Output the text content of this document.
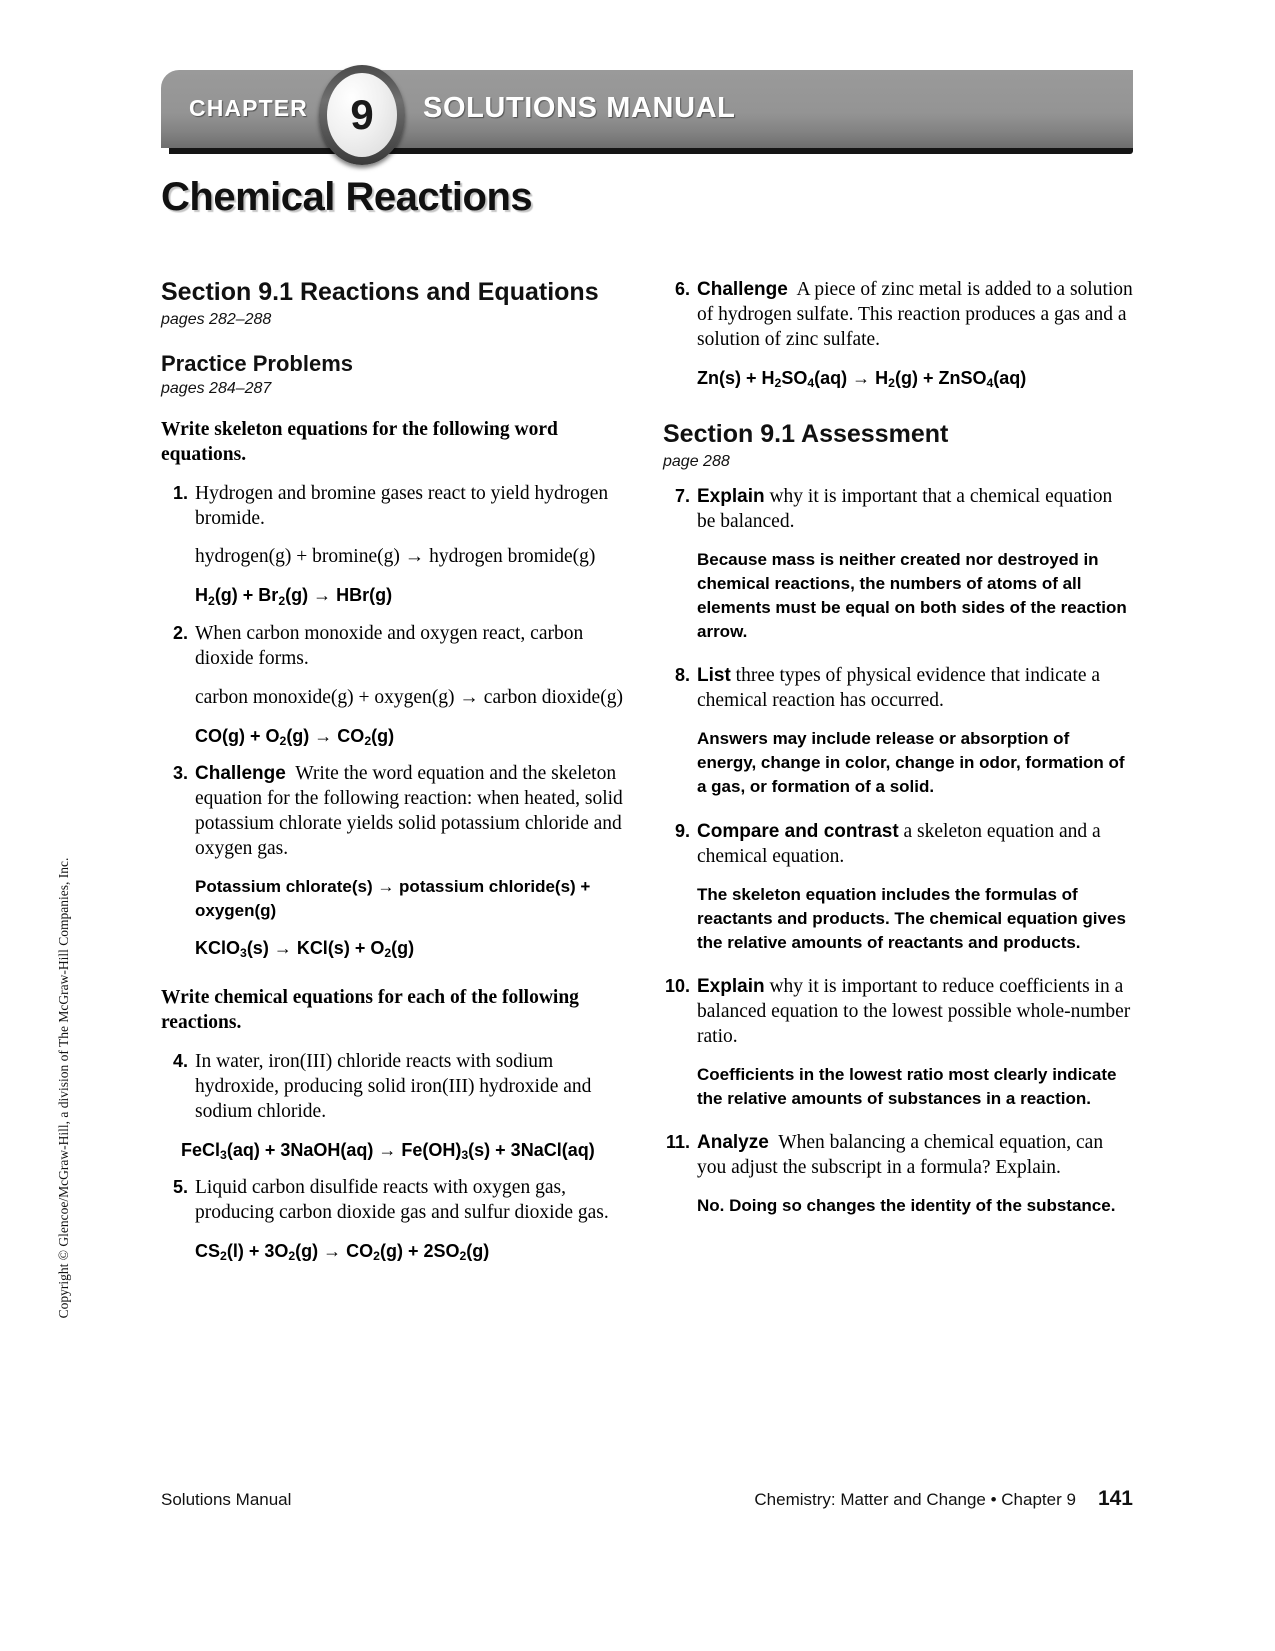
CHAPTER 9 SOLUTIONS MANUAL
Chemical Reactions
Copyright © Glencoe/McGraw-Hill, a division of The McGraw-Hill Companies, Inc.
Section 9.1 Reactions and Equations

pages 282–288

Practice Problems

pages 284–287

Write skeleton equations for the following word equations.

1. Hydrogen and bromine gases react to yield hydrogen bromide.

hydrogen(g) + bromine(g) → hydrogen bromide(g)

$H_2(g) + Br_2(g) \to HBr(g)$

2. When carbon monoxide and oxygen react, carbon dioxide forms.

carbon monoxide(g) + oxygen(g) → carbon dioxide(g)

$CO(g) + O_2(g) \to CO_2(g)$

3. Challenge Write the word equation and the skeleton equation for the following reaction: when heated, solid potassium chlorate yields solid potassium chloride and oxygen gas.

Potassium chlorate(s) → potassium chloride(s) + oxygen(g)

KClO$_3$(s) → $KCl(s) + O_2(g)$

Write chemical equations for each of the following reactions.

4. In water, iron(III) chloride reacts with sodium hydroxide, producing solid iron(III) hydroxide and sodium chloride.

FeCl$_3$(aq) + 3NaOH(aq) → $Fe(OH)_3(s)$ + 3NaCl(aq)

5. Liquid carbon disulfide reacts with oxygen gas, producing carbon dioxide gas and sulfur dioxide gas.

$CS_2(l) + 3O_2(g) \to CO_2(g) + 2SO_2(g)$

6. Challenge A piece of zinc metal is added to a solution of hydrogen sulfate. This reaction produces a gas and a solution of zinc sulfate.

$Zn(s) + H_2SO_4(aq) \to H_2(g)$ + ZnSO$_4$(aq)

Section 9.1 Assessment

page 288

7. Explain why it is important that a chemical equation be balanced.

Because mass is neither created nor destroyed in chemical reactions, the numbers of atoms of all elements must be equal on both sides of the reaction arrow.

8. List three types of physical evidence that indicate a chemical reaction has occurred.

Answers may include release or absorption of energy, change in color, change in odor, formation of a gas, or formation of a solid.

9. Compare and contrast a skeleton equation and a chemical equation.

The skeleton equation includes the formulas of reactants and products. The chemical equation gives the relative amounts of reactants and products.

10. Explain why it is important to reduce coefficients in a balanced equation to the lowest possible whole-number ratio.

Coefficients in the lowest ratio most clearly indicate the relative amounts of substances in a reaction.

11. Analyze When balancing a chemical equation, can you adjust the subscript in a formula? Explain.

No. Doing so changes the identity of the substance.

Solutions Manual	Chemistry: Matter and Change • Chapter 9 141
